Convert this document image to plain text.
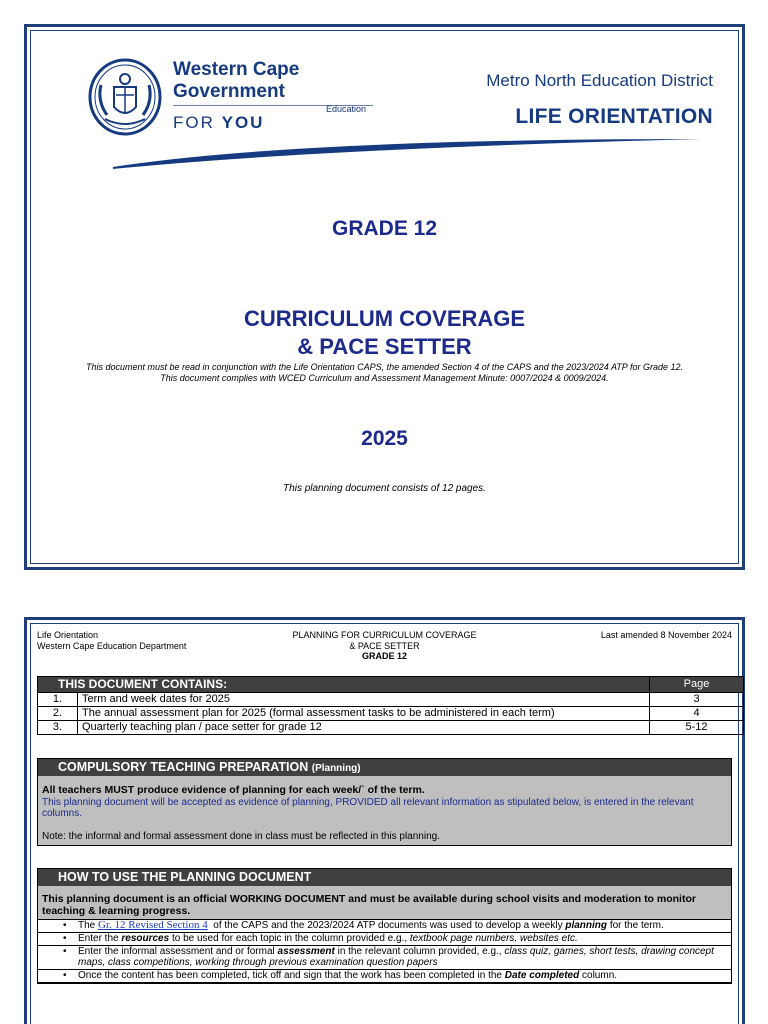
Western Cape
Government
FOR YOU
Education
Metro North Education District
LIFE ORIENTATION
GRADE 12
CURRICULUM COVERAGE
& PACE SETTER
This document must be read in conjunction with the Life Orientation CAPS, the amended Section 4 of the CAPS and the 2023/2024 ATP for Grade 12.
This document complies with WCED Curriculum and Assessment Management Minute: 0007/2024 & 0009/2024.
2025
This planning document consists of 12 pages.
Life Orientation
Western Cape Education Department
PLANNING FOR CURRICULUM COVERAGE
& PACE SETTER
GRADE 12
Last amended 8 November 2024
THIS DOCUMENT CONTAINS:		Page
1.	Term and week dates for 2025	3
2.	The annual assessment plan for 2025 (formal assessment tasks to be administered in each term)	4
3.	Quarterly teaching plan / pace setter for grade 12	5-12
COMPULSORY TEACHING PREPARATION (Planning)
All teachers MUST produce evidence of planning for each week/` of the term.
This planning document will be accepted as evidence of planning, PROVIDED all relevant information as stipulated below, is entered in the relevant columns.
Note: the informal and formal assessment done in class must be reflected in this planning.
HOW TO USE THE PLANNING DOCUMENT
This planning document is an official WORKING DOCUMENT and must be available during school visits and moderation to monitor teaching & learning progress.
• The Gr. 12 Revised Section 4 of the CAPS and the 2023/2024 ATP documents was used to develop a weekly planning for the term.

• Enter the resources to be used for each topic in the column provided e.g., textbook page numbers, websites etc.

• Enter the informal assessment and or formal assessment in the relevant column provided, e.g., class quiz, games, short tests, drawing concept maps, class competitions, working through previous examination question papers

• Once the content has been completed, tick off and sign that the work has been completed in the Date completed column.
